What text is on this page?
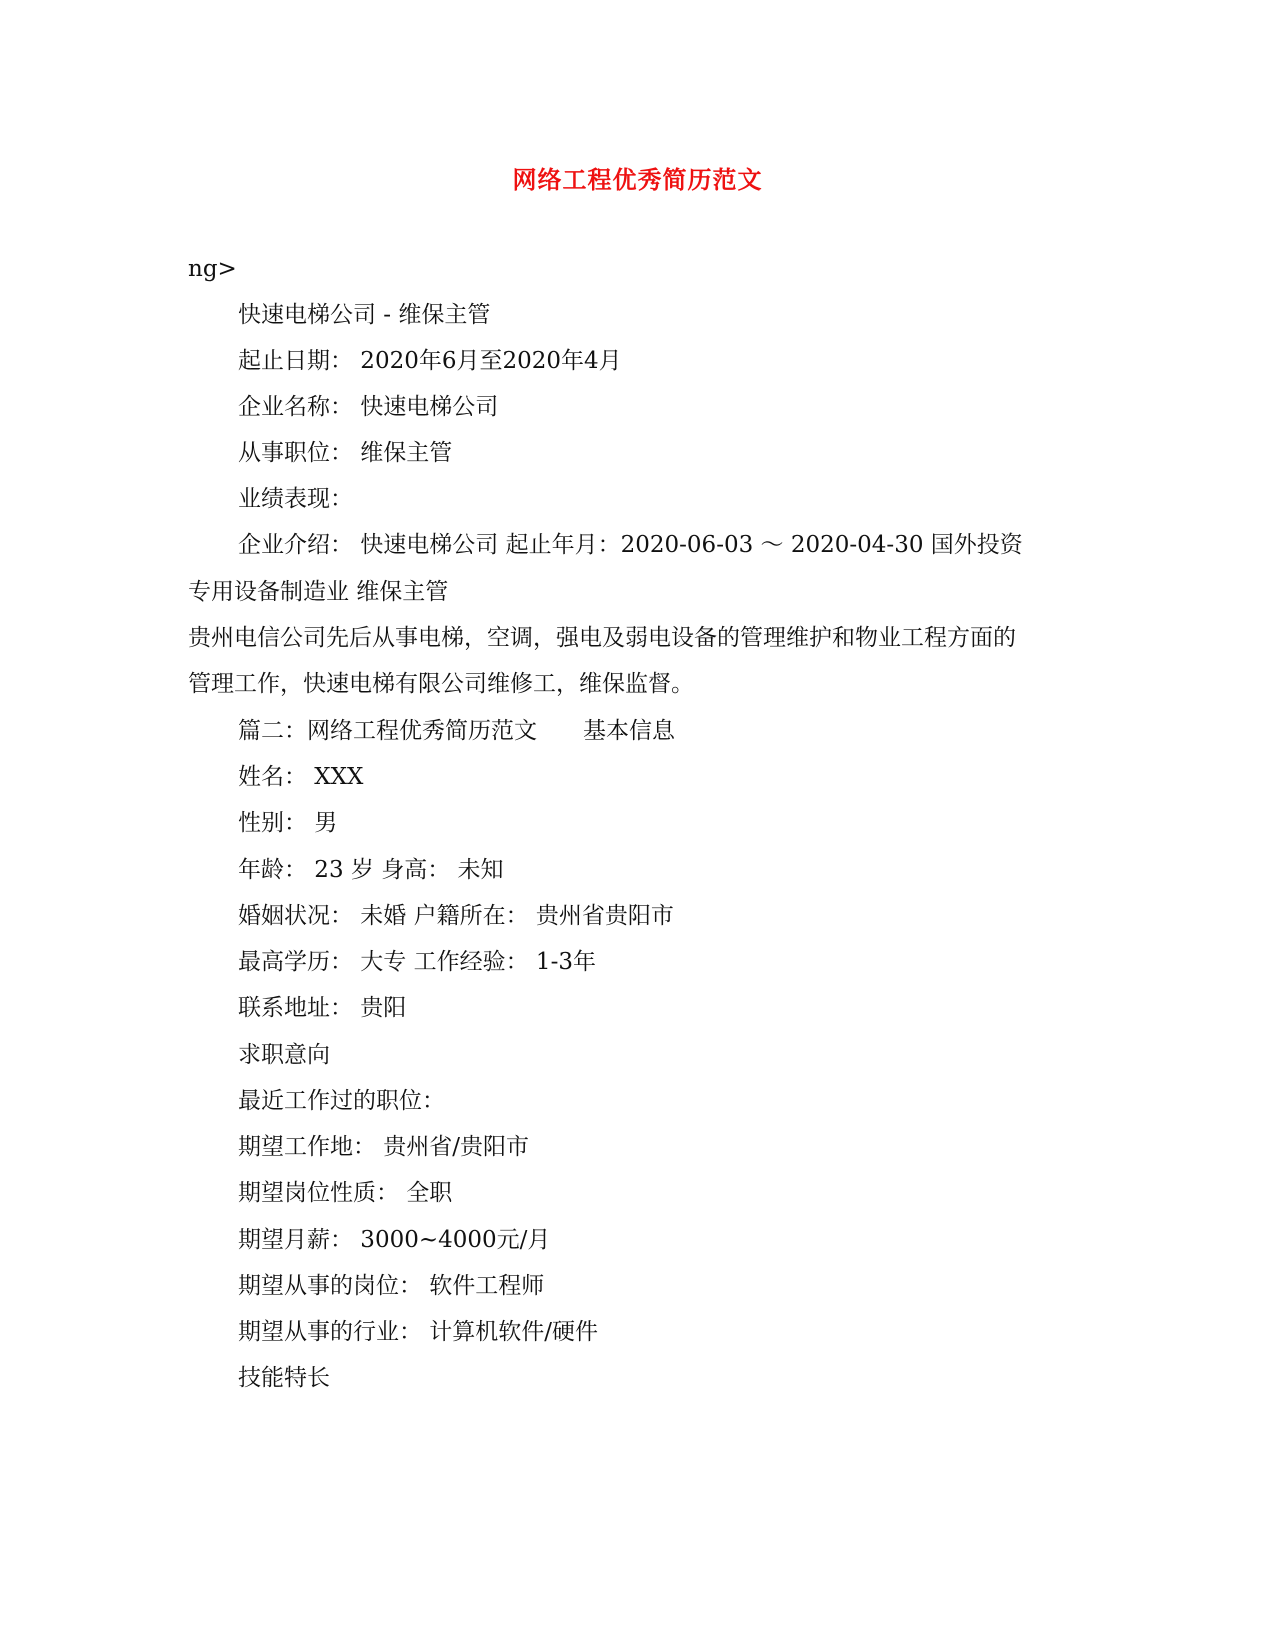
网络工程优秀简历范文
ng>
快速电梯公司 - 维保主管
起止日期： 2020年6月至2020年4月
企业名称： 快速电梯公司
从事职位： 维保主管
业绩表现：
企业介绍： 快速电梯公司 起止年月：2020-06-03 ～ 2020-04-30 国外投资
专用设备制造业 维保主管
贵州电信公司先后从事电梯，空调，强电及弱电设备的管理维护和物业工程方面的
管理工作，快速电梯有限公司维修工，维保监督。
篇二：网络工程优秀简历范文　　基本信息
姓名： XXX
性别： 男
年龄： 23 岁 身高： 未知
婚姻状况： 未婚 户籍所在： 贵州省贵阳市
最高学历： 大专 工作经验： 1-3年
联系地址： 贵阳
求职意向
最近工作过的职位：
期望工作地： 贵州省/贵阳市
期望岗位性质： 全职
期望月薪： 3000~4000元/月
期望从事的岗位： 软件工程师
期望从事的行业： 计算机软件/硬件
技能特长
